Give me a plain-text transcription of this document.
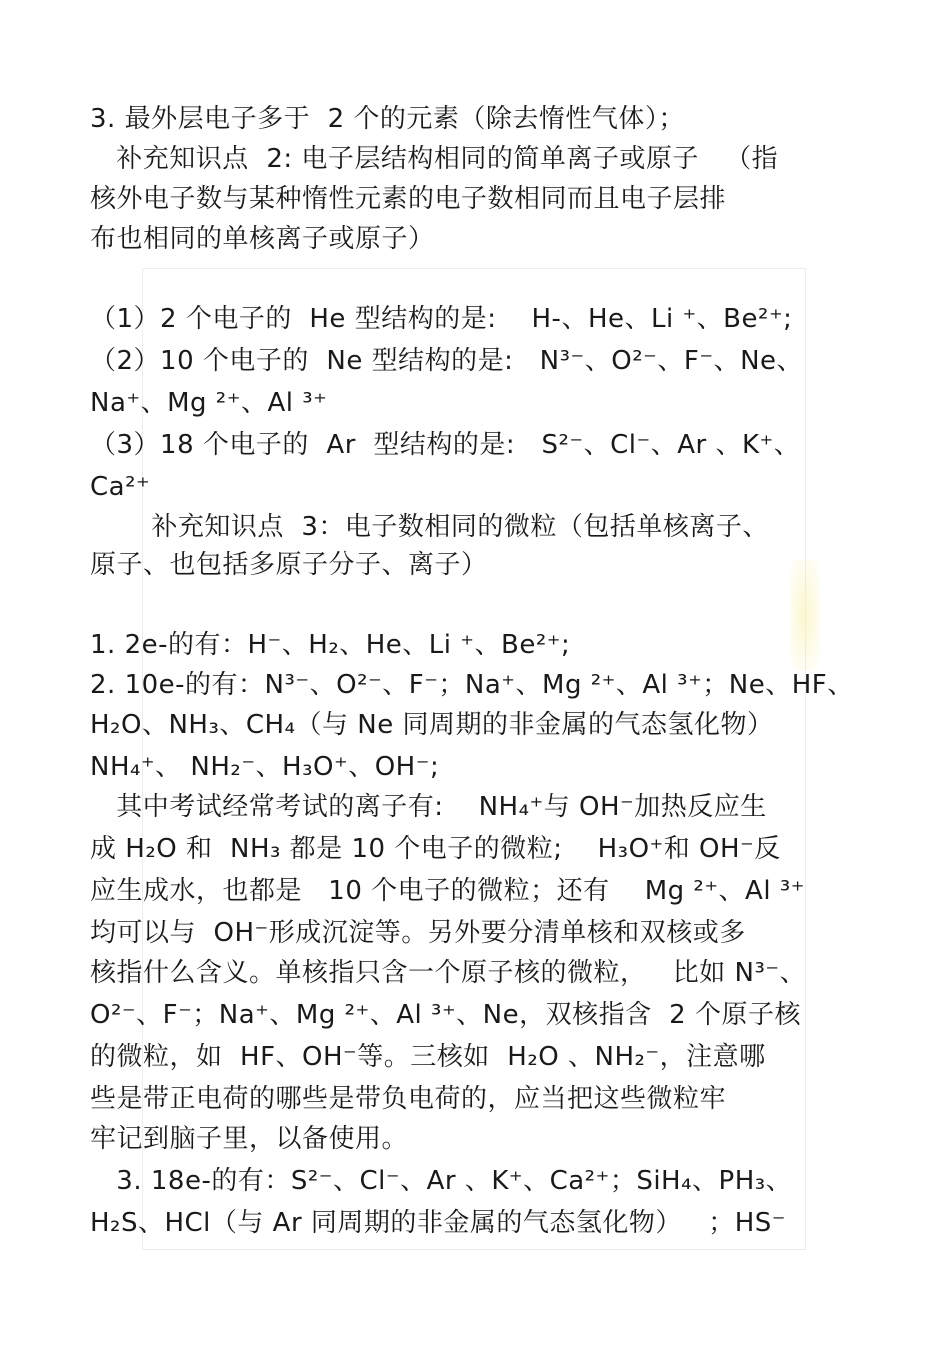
3. 最外层电子多于  2 个的元素（除去惰性气体）；
补充知识点  2: 电子层结构相同的简单离子或原子   （指
核外电子数与某种惰性元素的电子数相同而且电子层排
布也相同的单核离子或原子）
（1）2 个电子的  He 型结构的是:    H-、He、Li ⁺、Be²⁺;
（2）10 个电子的  Ne 型结构的是:   N³⁻、O²⁻、F⁻、Ne、
Na⁺、Mg ²⁺、Al ³⁺
（3）18 个电子的  Ar  型结构的是:   S²⁻、Cl⁻、Ar 、K⁺、
Ca²⁺
补充知识点  3：电子数相同的微粒（包括单核离子、
原子、也包括多原子分子、离子）
1. 2e-的有：H⁻、H₂、He、Li ⁺、Be²⁺;
2. 10e-的有：N³⁻、O²⁻、F⁻；Na⁺、Mg ²⁺、Al ³⁺；Ne、HF、
H₂O、NH₃、CH₄（与 Ne 同周期的非金属的气态氢化物）
NH₄⁺、 NH₂⁻、H₃O⁺、OH⁻;
其中考试经常考试的离子有:    NH₄⁺与 OH⁻加热反应生
成 H₂O 和  NH₃ 都是 10 个电子的微粒;    H₃O⁺和 OH⁻反
应生成水，也都是   10 个电子的微粒；还有    Mg ²⁺、Al ³⁺
均可以与  OH⁻形成沉淀等。另外要分清单核和双核或多
核指什么含义。单核指只含一个原子核的微粒，   比如 N³⁻、
O²⁻、F⁻；Na⁺、Mg ²⁺、Al ³⁺、Ne，双核指含  2 个原子核
的微粒，如  HF、OH⁻等。三核如  H₂O 、NH₂⁻，注意哪
些是带正电荷的哪些是带负电荷的，应当把这些微粒牢
牢记到脑子里，以备使用。
3. 18e-的有：S²⁻、Cl⁻、Ar 、K⁺、Ca²⁺；SiH₄、PH₃、
H₂S、HCl（与 Ar 同周期的非金属的气态氢化物）   ；HS⁻
